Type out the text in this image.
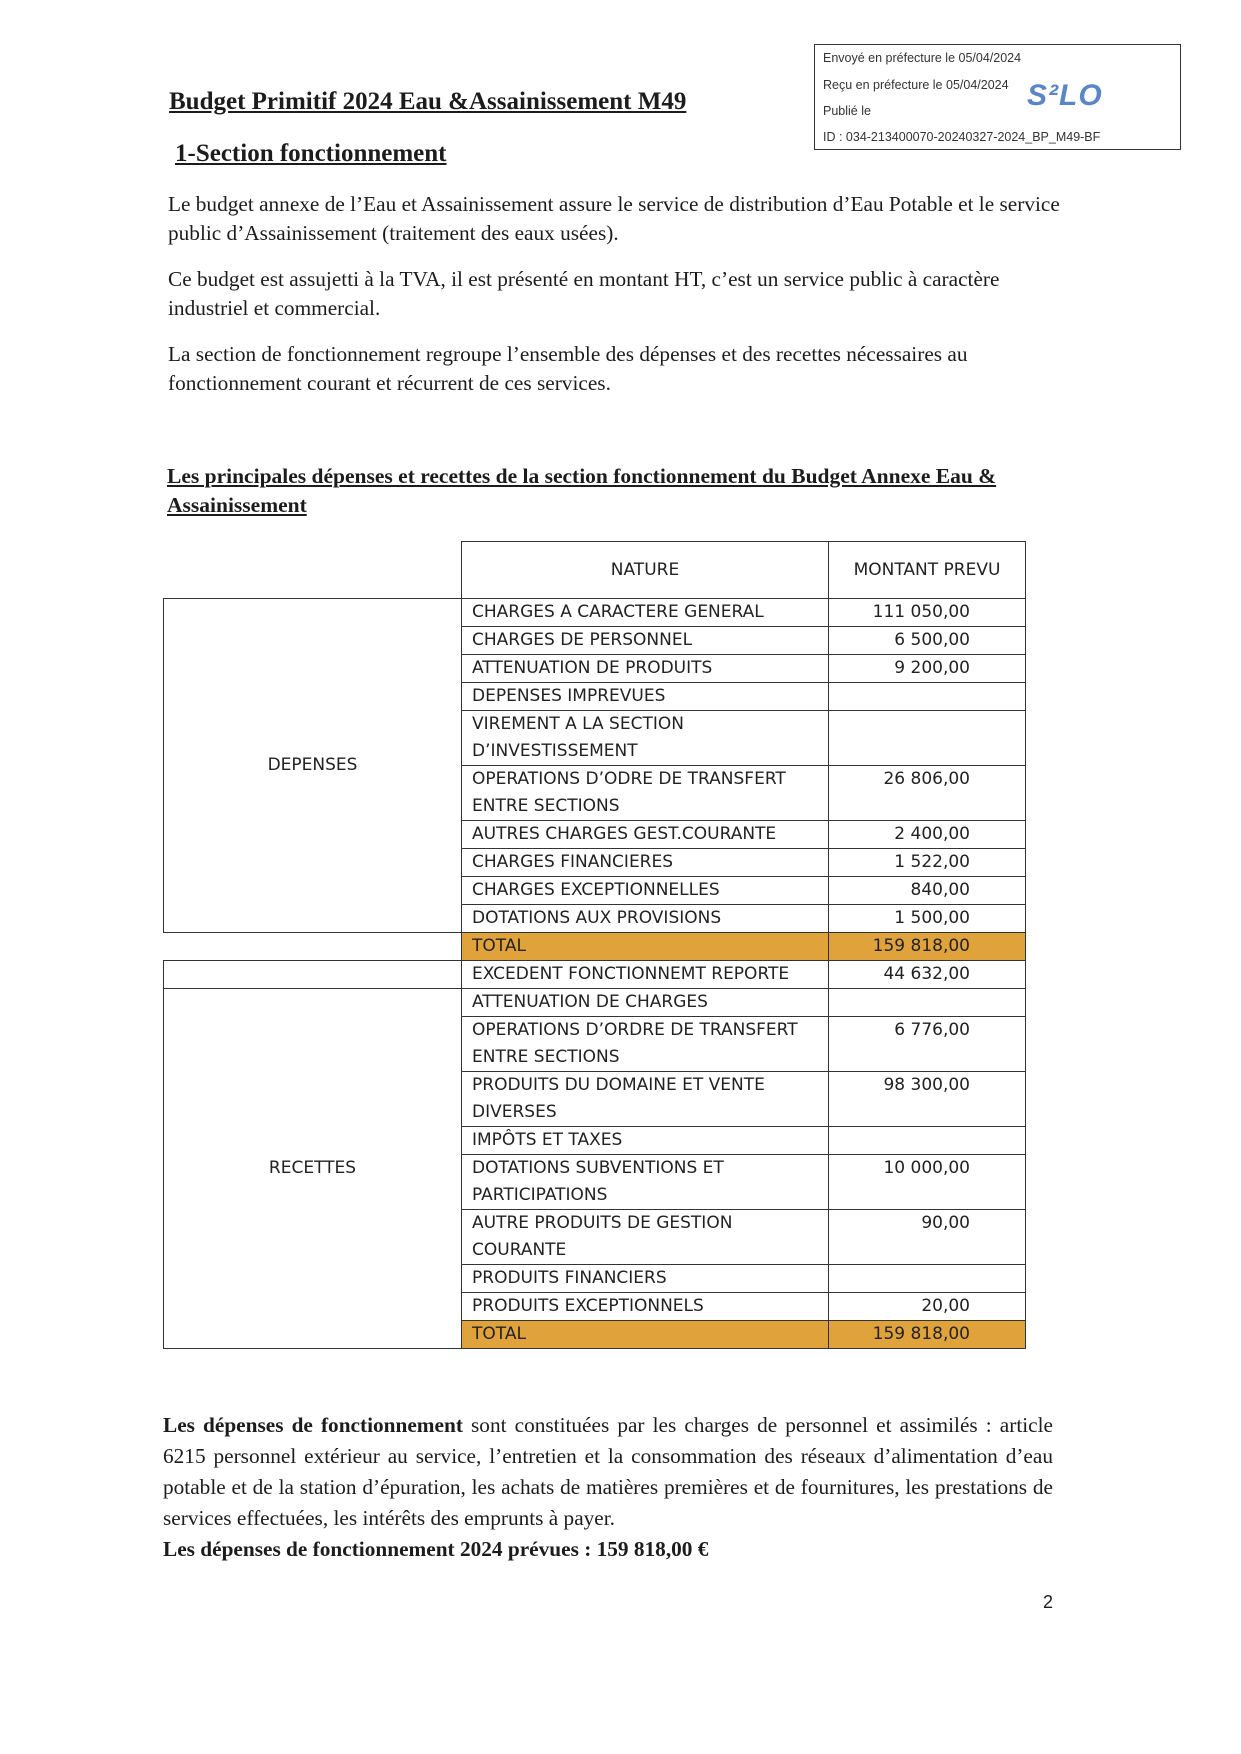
Envoyé en préfecture le 05/04/2024
Reçu en préfecture le 05/04/2024
Publié le
ID : 034-213400070-20240327-2024_BP_M49-BF
S²LO
Budget Primitif 2024 Eau &Assainissement M49
1-Section fonctionnement
Le budget annexe de l’Eau et Assainissement assure le service de distribution d’Eau Potable et le service public d’Assainissement (traitement des eaux usées).
Ce budget est assujetti à la TVA, il est présenté en montant HT, c’est un service public à caractère industriel et commercial.
La section de fonctionnement regroupe l’ensemble des dépenses et des recettes nécessaires au fonctionnement courant et récurrent de ces services.
Les principales dépenses et recettes de la section fonctionnement du Budget Annexe Eau & Assainissement
	NATURE	MONTANT PREVU
DEPENSES	CHARGES A CARACTERE GENERAL	111 050,00
	CHARGES DE PERSONNEL	6 500,00
	ATTENUATION DE PRODUITS	9 200,00
	DEPENSES IMPREVUES	
	VIREMENT A LA SECTION D’INVESTISSEMENT	
	OPERATIONS D’ODRE DE TRANSFERT ENTRE SECTIONS	26 806,00
	AUTRES CHARGES GEST.COURANTE	2 400,00
	CHARGES FINANCIERES	1 522,00
	CHARGES EXCEPTIONNELLES	840,00
	DOTATIONS AUX PROVISIONS	1 500,00
	TOTAL	159 818,00
	EXCEDENT FONCTIONNEMT REPORTE	44 632,00
RECETTES	ATTENUATION DE CHARGES	
	OPERATIONS D’ORDRE DE TRANSFERT ENTRE SECTIONS	6 776,00
	PRODUITS DU DOMAINE ET VENTE DIVERSES	98 300,00
	IMPÔTS ET TAXES	
	DOTATIONS SUBVENTIONS ET PARTICIPATIONS	10 000,00
	AUTRE PRODUITS DE GESTION COURANTE	90,00
	PRODUITS FINANCIERS	
	PRODUITS EXCEPTIONNELS	20,00
	TOTAL	159 818,00
Les dépenses de fonctionnement sont constituées par les charges de personnel et assimilés : article 6215 personnel extérieur au service, l’entretien et la consommation des réseaux d’alimentation d’eau potable et de la station d’épuration, les achats de matières premières et de fournitures, les prestations de services effectuées, les intérêts des emprunts à payer.
Les dépenses de fonctionnement 2024 prévues : 159 818,00 €
2
